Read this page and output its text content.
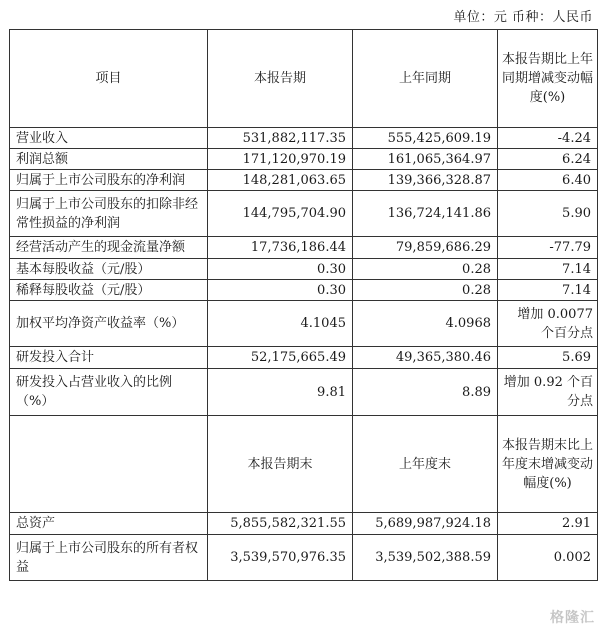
单位：元 币种：人民币
项目	本报告期	上年同期	本报告期比上年同期增减变动幅度(%)
营业收入	531,882,117.35	555,425,609.19	-4.24
利润总额	171,120,970.19	161,065,364.97	6.24
归属于上市公司股东的净利润	148,281,063.65	139,366,328.87	6.40
归属于上市公司股东的扣除非经常性损益的净利润	144,795,704.90	136,724,141.86	5.90
经营活动产生的现金流量净额	17,736,186.44	79,859,686.29	-77.79
基本每股收益（元/股）	0.30	0.28	7.14
稀释每股收益（元/股）	0.30	0.28	7.14
加权平均净资产收益率（%）	4.1045	4.0968	增加 0.0077 个百分点
研发投入合计	52,175,665.49	49,365,380.46	5.69
研发投入占营业收入的比例（%）	9.81	8.89	增加 0.92 个百分点
	本报告期末	上年度末	本报告期末比上年度末增减变动幅度(%)
总资产	5,855,582,321.55	5,689,987,924.18	2.91
归属于上市公司股东的所有者权益	3,539,570,976.35	3,539,502,388.59	0.002
格隆汇
